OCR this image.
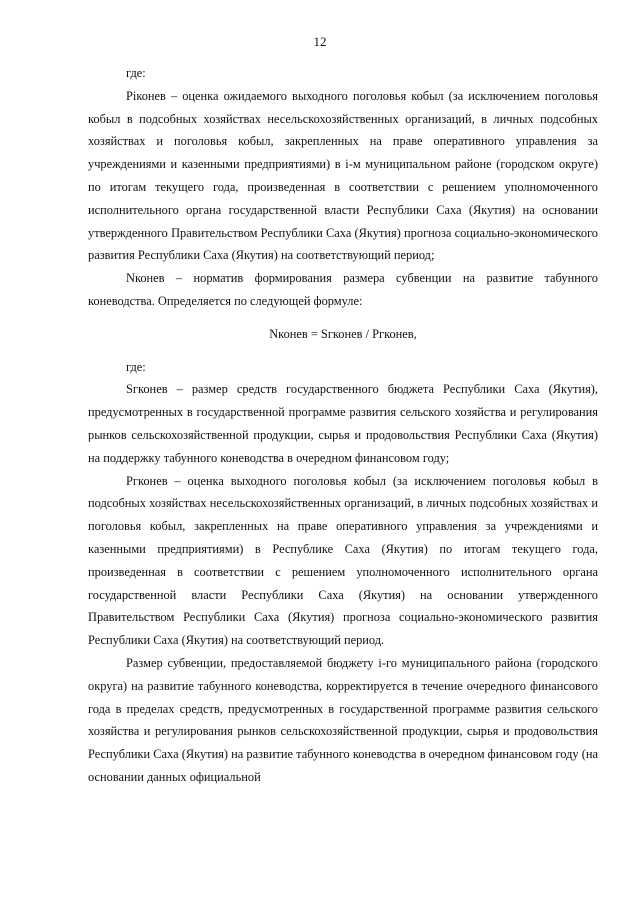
12

где:

Pіконев – оценка ожидаемого выходного поголовья кобыл (за исключением поголовья кобыл в подсобных хозяйствах несельскохозяйственных организаций, в личных подсобных хозяйствах и поголовья кобыл, закрепленных на праве оперативного управления за учреждениями и казенными предприятиями) в i-м муниципальном районе (городском округе) по итогам текущего года, произведенная в соответствии с решением уполномоченного исполнительного органа государственной власти Республики Саха (Якутия) на основании утвержденного Правительством Республики Саха (Якутия) прогноза социально-экономического развития Республики Саха (Якутия) на соответствующий период;

Nконев – норматив формирования размера субвенции на развитие табунного коневодства. Определяется по следующей формуле:

Nконев = Sгконев / Pгконев,

где:

Sгконев – размер средств государственного бюджета Республики Саха (Якутия), предусмотренных в государственной программе развития сельского хозяйства и регулирования рынков сельскохозяйственной продукции, сырья и продовольствия Республики Саха (Якутия) на поддержку табунного коневодства в очередном финансовом году;

Pгконев – оценка выходного поголовья кобыл (за исключением поголовья кобыл в подсобных хозяйствах несельскохозяйственных организаций, в личных подсобных хозяйствах и поголовья кобыл, закрепленных на праве оперативного управления за учреждениями и казенными предприятиями) в Республике Саха (Якутия) по итогам текущего года, произведенная в соответствии с решением уполномоченного исполнительного органа государственной власти Республики Саха (Якутия) на основании утвержденного Правительством Республики Саха (Якутия) прогноза социально-экономического развития Республики Саха (Якутия) на соответствующий период.

Размер субвенции, предоставляемой бюджету i-го муниципального района (городского округа) на развитие табунного коневодства, корректируется в течение очередного финансового года в пределах средств, предусмотренных в государственной программе развития сельского хозяйства и регулирования рынков сельскохозяйственной продукции, сырья и продовольствия Республики Саха (Якутия) на развитие табунного коневодства в очередном финансовом году (на основании данных официальной
